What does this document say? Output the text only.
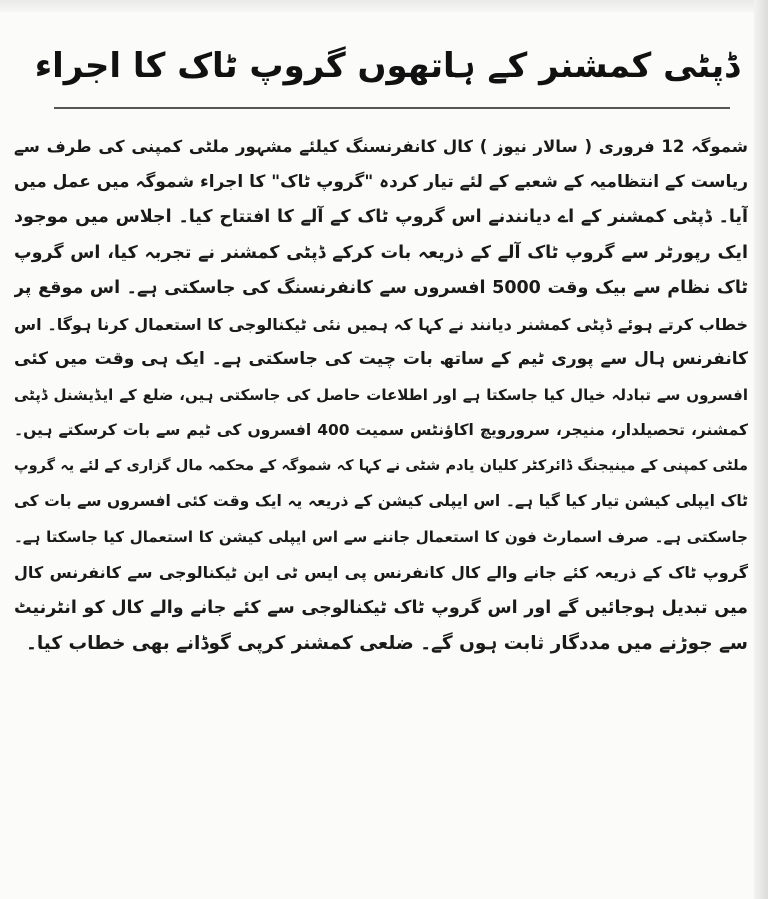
ڈپٹی کمشنر کے ہاتھوں گروپ ٹاک کا اجراء
شموگہ 12 فروری ( سالار نیوز ) کال کانفرنسنگ کیلئے مشہور ملٹی کمپنی کی طرف سے
ریاست کے انتظامیہ کے شعبے کے لئے تیار کردہ "گروپ ٹاک" کا اجراء شموگہ میں عمل میں
آیا۔ ڈپٹی کمشنر کے اے دیانندنے اس گروپ ٹاک کے آلے کا افتتاح کیا۔ اجلاس میں موجود
ایک رپورٹر سے گروپ ٹاک آلے کے ذریعہ بات کرکے ڈپٹی کمشنر نے تجربہ کیا، اس گروپ
ٹاک نظام سے بیک وقت 5000 افسروں سے کانفرنسنگ کی جاسکتی ہے۔ اس موقع پر
خطاب کرتے ہوئے ڈپٹی کمشنر دیانند نے کہا کہ ہمیں نئی ٹیکنالوجی کا استعمال کرنا ہوگا۔ اس
کانفرنس ہال سے پوری ٹیم کے ساتھ بات چیت کی جاسکتی ہے۔ ایک ہی وقت میں کئی
افسروں سے تبادلہ خیال کیا جاسکتا ہے اور اطلاعات حاصل کی جاسکتی ہیں، ضلع کے ایڈیشنل ڈپٹی
کمشنر، تحصیلدار، منیجر، سرورویچ اکاؤنٹس سمیت 400 افسروں کی ٹیم سے بات کرسکتے ہیں۔
ملٹی کمپنی کے مینیجنگ ڈائرکٹر کلیان یادم شٹی نے کہا کہ شموگہ کے محکمہ مال گزاری کے لئے یہ گروپ
ٹاک ایپلی کیشن تیار کیا گیا ہے۔ اس ایپلی کیشن کے ذریعہ یہ ایک وقت کئی افسروں سے بات کی
جاسکتی ہے۔ صرف اسمارٹ فون کا استعمال جاننے سے اس ایپلی کیشن کا استعمال کیا جاسکتا ہے۔
گروپ ٹاک کے ذریعہ کئے جانے والے کال کانفرنس پی ایس ٹی این ٹیکنالوجی سے کانفرنس کال
میں تبدیل ہوجائیں گے اور اس گروپ ٹاک ٹیکنالوجی سے کئے جانے والے کال کو انٹرنیٹ
سے جوڑنے میں مددگار ثابت ہوں گے۔ ضلعی کمشنر کرپی گوڈانے بھی خطاب کیا۔
